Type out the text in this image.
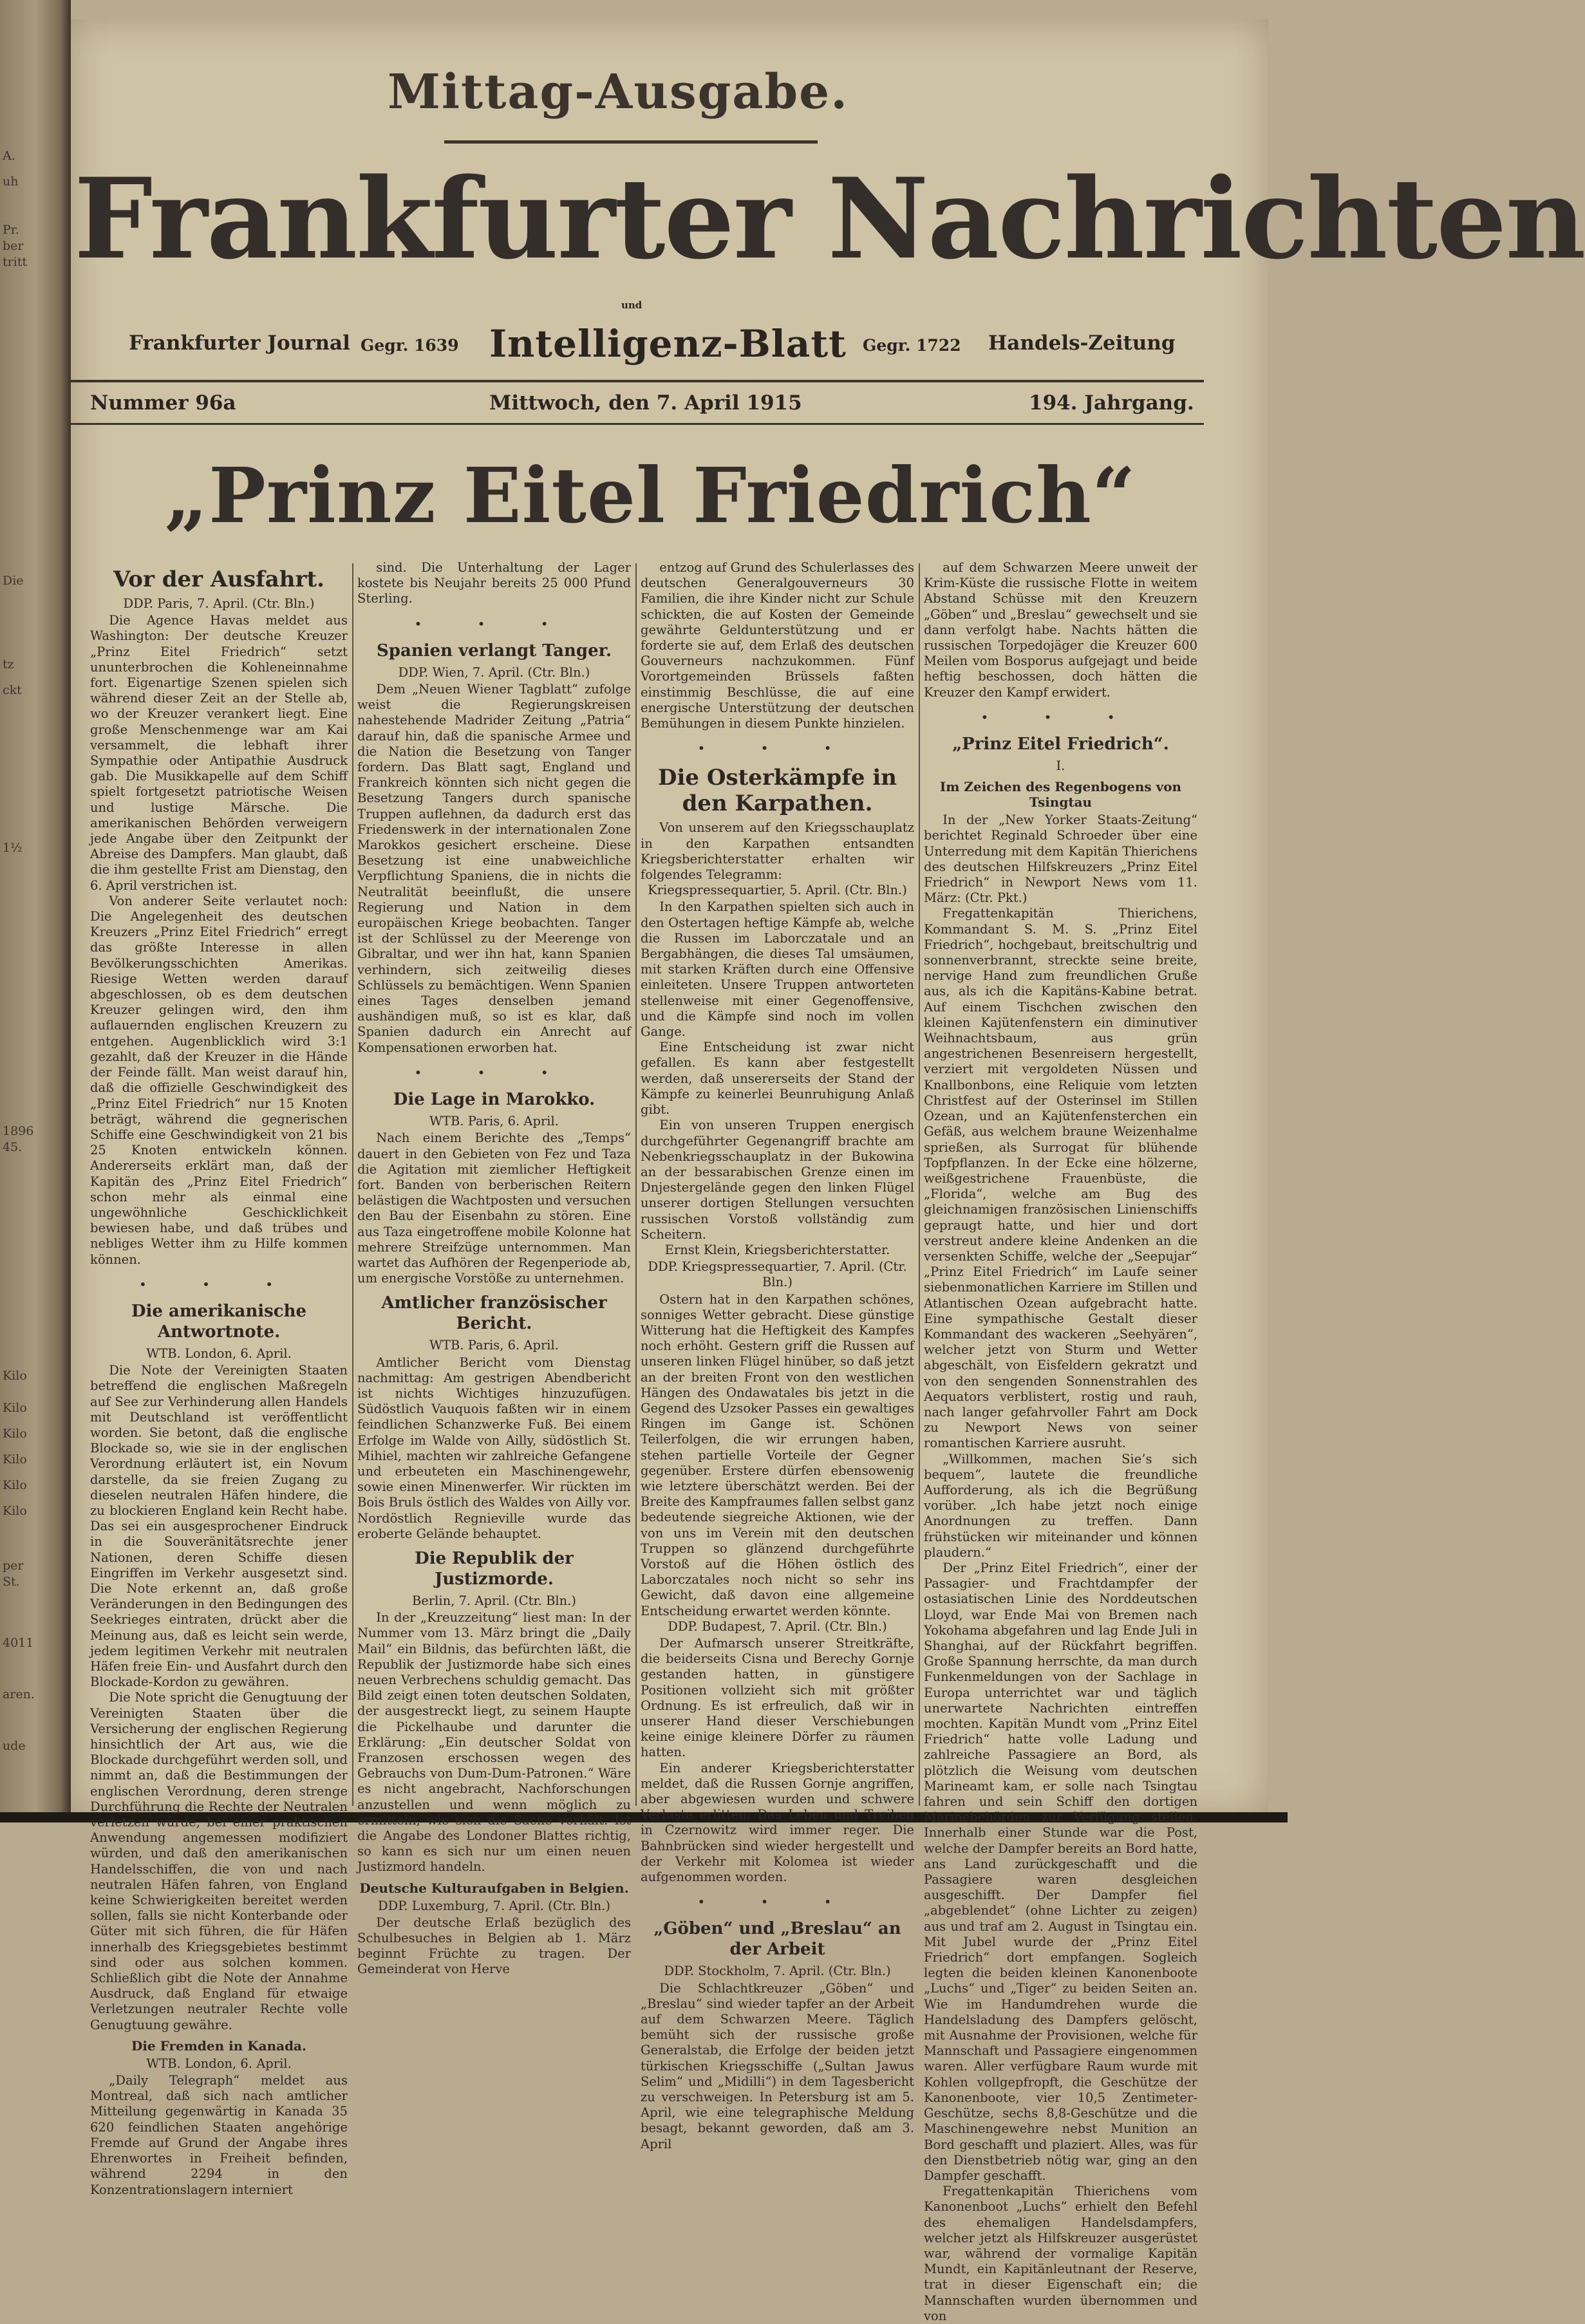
A.
uh
Pr.
ber
tritt
Die
tz
ckt
1½
1896
45.
Kilo
Kilo
Kilo
Kilo
Kilo
Kilo
per
St.
4011
aren.
ude
Mittag-Ausgabe.
Frankfurter Nachrichten
und
Frankfurter Journal Gegr. 1639 Intelligenz-Blatt Gegr. 1722 Handels-Zeitung
Nummer 96a	Mittwoch, den 7. April 1915	194. Jahrgang.
„Prinz Eitel Friedrich“
Vor der Ausfahrt.
DDP. Paris, 7. April. (Ctr. Bln.)

Die Agence Havas meldet aus Washington: Der deutsche Kreuzer „Prinz Eitel Friedrich“ setzt ununterbrochen die Kohleneinnahme fort. Eigenartige Szenen spielen sich während dieser Zeit an der Stelle ab, wo der Kreuzer verankert liegt. Eine große Menschenmenge war am Kai versammelt, die lebhaft ihrer Sympathie oder Antipathie Ausdruck gab. Die Musikkapelle auf dem Schiff spielt fortgesetzt patriotische Weisen und lustige Märsche. Die amerikanischen Behörden verweigern jede Angabe über den Zeitpunkt der Abreise des Dampfers. Man glaubt, daß die ihm gestellte Frist am Dienstag, den 6. April verstrichen ist.

Von anderer Seite verlautet noch: Die Angelegenheit des deutschen Kreuzers „Prinz Eitel Friedrich“ erregt das größte Interesse in allen Bevölkerungsschichten Amerikas. Riesige Wetten werden darauf abgeschlossen, ob es dem deutschen Kreuzer gelingen wird, den ihm auflauernden englischen Kreuzern zu entgehen. Augenblicklich wird 3:1 gezahlt, daß der Kreuzer in die Hände der Feinde fällt. Man weist darauf hin, daß die offizielle Geschwindigkeit des „Prinz Eitel Friedrich“ nur 15 Knoten beträgt, während die gegnerischen Schiffe eine Geschwindigkeit von 21 bis 25 Knoten entwickeln können. Andererseits erklärt man, daß der Kapitän des „Prinz Eitel Friedrich“ schon mehr als einmal eine ungewöhnliche Geschicklichkeit bewiesen habe, und daß trübes und nebliges Wetter ihm zu Hilfe kommen können.

• • •
Die amerikanische Antwortnote.
WTB. London, 6. April.

Die Note der Vereinigten Staaten betreffend die englischen Maßregeln auf See zur Verhinderung allen Handels mit Deutschland ist veröffentlicht worden. Sie betont, daß die englische Blockade so, wie sie in der englischen Verordnung erläutert ist, ein Novum darstelle, da sie freien Zugang zu dieselen neutralen Häfen hindere, die zu blockieren England kein Recht habe. Das sei ein ausgesprochener Eindruck in die Souveränitätsrechte jener Nationen, deren Schiffe diesen Eingriffen im Verkehr ausgesetzt sind. Die Note erkennt an, daß große Veränderungen in den Bedingungen des Seekrieges eintraten, drückt aber die Meinung aus, daß es leicht sein werde, jedem legitimen Verkehr mit neutralen Häfen freie Ein- und Ausfahrt durch den Blockade-Kordon zu gewähren.

Die Note spricht die Genugtuung der Vereinigten Staaten über die Versicherung der englischen Regierung hinsichtlich der Art aus, wie die Blockade durchgeführt werden soll, und nimmt an, daß die Bestimmungen der englischen Verordnung, deren strenge Durchführung die Rechte der Neutralen verletzen würde, bei einer praktischen Anwendung angemessen modifiziert würden, und daß den amerikanischen Handelsschiffen, die von und nach neutralen Häfen fahren, von England keine Schwierigkeiten bereitet werden sollen, falls sie nicht Konterbande oder Güter mit sich führen, die für Häfen innerhalb des Kriegsgebietes bestimmt sind oder aus solchen kommen. Schließlich gibt die Note der Annahme Ausdruck, daß England für etwaige Verletzungen neutraler Rechte volle Genugtuung gewähre.

Die Fremden in Kanada.
WTB. London, 6. April.

„Daily Telegraph“ meldet aus Montreal, daß sich nach amtlicher Mitteilung gegenwärtig in Kanada 35 620 feindlichen Staaten angehörige Fremde auf Grund der Angabe ihres Ehrenwortes in Freiheit befinden, während 2294 in den Konzentrationslagern interniert

sind. Die Unterhaltung der Lager kostete bis Neujahr bereits 25 000 Pfund Sterling.

• • •
Spanien verlangt Tanger.
DDP. Wien, 7. April. (Ctr. Bln.)

Dem „Neuen Wiener Tagblatt“ zufolge weist die Regierungskreisen nahestehende Madrider Zeitung „Patria“ darauf hin, daß die spanische Armee und die Nation die Besetzung von Tanger fordern. Das Blatt sagt, England und Frankreich könnten sich nicht gegen die Besetzung Tangers durch spanische Truppen auflehnen, da dadurch erst das Friedenswerk in der internationalen Zone Marokkos gesichert erscheine. Diese Besetzung ist eine unabweichliche Verpflichtung Spaniens, die in nichts die Neutralität beeinflußt, die unsere Regierung und Nation in dem europäischen Kriege beobachten. Tanger ist der Schlüssel zu der Meerenge von Gibraltar, und wer ihn hat, kann Spanien verhindern, sich zeitweilig dieses Schlüssels zu bemächtigen. Wenn Spanien eines Tages denselben jemand aushändigen muß, so ist es klar, daß Spanien dadurch ein Anrecht auf Kompensationen erworben hat.

• • •
Die Lage in Marokko.
WTB. Paris, 6. April.

Nach einem Berichte des „Temps“ dauert in den Gebieten von Fez und Taza die Agitation mit ziemlicher Heftigkeit fort. Banden von berberischen Reitern belästigen die Wachtposten und versuchen den Bau der Eisenbahn zu stören. Eine aus Taza eingetroffene mobile Kolonne hat mehrere Streifzüge unternommen. Man wartet das Aufhören der Regenperiode ab, um energische Vorstöße zu unternehmen.

Amtlicher französischer Bericht.
WTB. Paris, 6. April.

Amtlicher Bericht vom Dienstag nachmittag: Am gestrigen Abendbericht ist nichts Wichtiges hinzuzufügen. Südöstlich Vauquois faßten wir in einem feindlichen Schanzwerke Fuß. Bei einem Erfolge im Walde von Ailly, südöstlich St. Mihiel, machten wir zahlreiche Gefangene und erbeuteten ein Maschinengewehr, sowie einen Minenwerfer. Wir rückten im Bois Bruls östlich des Waldes von Ailly vor. Nordöstlich Regnieville wurde das eroberte Gelände behauptet.

Die Republik der Justizmorde.
Berlin, 7. April. (Ctr. Bln.)

In der „Kreuzzeitung“ liest man: In der Nummer vom 13. März bringt die „Daily Mail“ ein Bildnis, das befürchten läßt, die Republik der Justizmorde habe sich eines neuen Verbrechens schuldig gemacht. Das Bild zeigt einen toten deutschen Soldaten, der ausgestreckt liegt, zu seinem Haupte die Pickelhaube und darunter die Erklärung: „Ein deutscher Soldat von Franzosen erschossen wegen des Gebrauchs von Dum-Dum-Patronen.“ Wäre es nicht angebracht, Nachforschungen anzustellen und wenn möglich zu ermitteln, wie sich die Sache verhält. Ist die Angabe des Londoner Blattes richtig, so kann es sich nur um einen neuen Justizmord handeln.

Deutsche Kulturaufgaben in Belgien.
DDP. Luxemburg, 7. April. (Ctr. Bln.)

Der deutsche Erlaß bezüglich des Schulbesuches in Belgien ab 1. März beginnt Früchte zu tragen. Der Gemeinderat von Herve

entzog auf Grund des Schulerlasses des deutschen Generalgouverneurs 30 Familien, die ihre Kinder nicht zur Schule schickten, die auf Kosten der Gemeinde gewährte Geldunterstützung und er forderte sie auf, dem Erlaß des deutschen Gouverneurs nachzukommen. Fünf Vorortgemeinden Brüssels faßten einstimmig Beschlüsse, die auf eine energische Unterstützung der deutschen Bemühungen in diesem Punkte hinzielen.

• • •
Die Osterkämpfe in den Karpathen.

Von unserem auf den Kriegsschauplatz in den Karpathen entsandten Kriegsberichterstatter erhalten wir folgendes Telegramm:

Kriegspressequartier, 5. April. (Ctr. Bln.)

In den Karpathen spielten sich auch in den Ostertagen heftige Kämpfe ab, welche die Russen im Laborczatale und an Bergabhängen, die dieses Tal umsäumen, mit starken Kräften durch eine Offensive einleiteten. Unsere Truppen antworteten stellenweise mit einer Gegenoffensive, und die Kämpfe sind noch im vollen Gange.

Eine Entscheidung ist zwar nicht gefallen. Es kann aber festgestellt werden, daß unsererseits der Stand der Kämpfe zu keinerlei Beunruhigung Anlaß gibt.

Ein von unseren Truppen energisch durchgeführter Gegenangriff brachte am Nebenkriegsschauplatz in der Bukowina an der bessarabischen Grenze einen im Dnjestergelände gegen den linken Flügel unserer dortigen Stellungen versuchten russischen Vorstoß vollständig zum Scheitern.

Ernst Klein, Kriegsberichterstatter.
DDP. Kriegspressequartier, 7. April. (Ctr. Bln.)

Ostern hat in den Karpathen schönes, sonniges Wetter gebracht. Diese günstige Witterung hat die Heftigkeit des Kampfes noch erhöht. Gestern griff die Russen auf unseren linken Flügel hinüber, so daß jetzt an der breiten Front von den westlichen Hängen des Ondawatales bis jetzt in die Gegend des Uzsoker Passes ein gewaltiges Ringen im Gange ist. Schönen Teilerfolgen, die wir errungen haben, stehen partielle Vorteile der Gegner gegenüber. Erstere dürfen ebensowenig wie letztere überschätzt werden. Bei der Breite des Kampfraumes fallen selbst ganz bedeutende siegreiche Aktionen, wie der von uns im Verein mit den deutschen Truppen so glänzend durchgeführte Vorstoß auf die Höhen östlich des Laborczatales noch nicht so sehr ins Gewicht, daß davon eine allgemeine Entscheidung erwartet werden könnte.

DDP. Budapest, 7. April. (Ctr. Bln.)

Der Aufmarsch unserer Streitkräfte, die beiderseits Cisna und Berechy Gornje gestanden hatten, in günstigere Positionen vollzieht sich mit größter Ordnung. Es ist erfreulich, daß wir in unserer Hand dieser Verschiebungen keine einige kleinere Dörfer zu räumen hatten.

Ein anderer Kriegsberichterstatter meldet, daß die Russen Gornje angriffen, aber abgewiesen wurden und schwere Verluste erlitten. Das Leben und Treiben in Czernowitz wird immer reger. Die Bahnbrücken sind wieder hergestellt und der Verkehr mit Kolomea ist wieder aufgenommen worden.

• • •
„Göben“ und „Breslau“ an der Arbeit
DDP. Stockholm, 7. April. (Ctr. Bln.)

Die Schlachtkreuzer „Göben“ und „Breslau“ sind wieder tapfer an der Arbeit auf dem Schwarzen Meere. Täglich bemüht sich der russische große Generalstab, die Erfolge der beiden jetzt türkischen Kriegsschiffe („Sultan Jawus Selim“ und „Midilli“) in dem Tagesbericht zu verschweigen. In Petersburg ist am 5. April, wie eine telegraphische Meldung besagt, bekannt geworden, daß am 3. April

auf dem Schwarzen Meere unweit der Krim-Küste die russische Flotte in weitem Abstand Schüsse mit den Kreuzern „Göben“ und „Breslau“ gewechselt und sie dann verfolgt habe. Nachts hätten die russischen Torpedojäger die Kreuzer 600 Meilen vom Bosporus aufgejagt und beide heftig beschossen, doch hätten die Kreuzer den Kampf erwidert.

• • •
„Prinz Eitel Friedrich“.
I.
Im Zeichen des Regenbogens von Tsingtau

In der „New Yorker Staats-Zeitung“ berichtet Reginald Schroeder über eine Unterredung mit dem Kapitän Thierichens des deutschen Hilfskreuzers „Prinz Eitel Friedrich“ in Newport News vom 11. März: (Ctr. Pkt.)

Fregattenkapitän Thierichens, Kommandant S. M. S. „Prinz Eitel Friedrich“, hochgebaut, breitschultrig und sonnenverbrannt, streckte seine breite, nervige Hand zum freundlichen Gruße aus, als ich die Kapitäns-Kabine betrat. Auf einem Tischchen zwischen den kleinen Kajütenfenstern ein diminutiver Weihnachtsbaum, aus grün angestrichenen Besenreisern hergestellt, verziert mit vergoldeten Nüssen und Knallbonbons, eine Reliquie vom letzten Christfest auf der Osterinsel im Stillen Ozean, und an Kajütenfensterchen ein Gefäß, aus welchem braune Weizenhalme sprießen, als Surrogat für blühende Topfpflanzen. In der Ecke eine hölzerne, weißgestrichene Frauenbüste, die „Florida“, welche am Bug des gleichnamigen französischen Linienschiffs gepraugt hatte, und hier und dort verstreut andere kleine Andenken an die versenkten Schiffe, welche der „Seepujar“ „Prinz Eitel Friedrich“ im Laufe seiner siebenmonatlichen Karriere im Stillen und Atlantischen Ozean aufgebracht hatte. Eine sympathische Gestalt dieser Kommandant des wackeren „Seehyären“, welcher jetzt von Sturm und Wetter abgeschält, von Eisfeldern gekratzt und von den sengenden Sonnenstrahlen des Aequators verblistert, rostig und rauh, nach langer gefahrvoller Fahrt am Dock zu Newport News von seiner romantischen Karriere ausruht.

„Willkommen, machen Sie’s sich bequem“, lautete die freundliche Aufforderung, als ich die Begrüßung vorüber. „Ich habe jetzt noch einige Anordnungen zu treffen. Dann frühstücken wir miteinander und können plaudern.“

Der „Prinz Eitel Friedrich“, einer der Passagier- und Frachtdampfer der ostasiatischen Linie des Norddeutschen Lloyd, war Ende Mai von Bremen nach Yokohama abgefahren und lag Ende Juli in Shanghai, auf der Rückfahrt begriffen. Große Spannung herrschte, da man durch Funkenmeldungen von der Sachlage in Europa unterrichtet war und täglich unerwartete Nachrichten eintreffen mochten. Kapitän Mundt vom „Prinz Eitel Friedrich“ hatte volle Ladung und zahlreiche Passagiere an Bord, als plötzlich die Weisung vom deutschen Marineamt kam, er solle nach Tsingtau fahren und sein Schiff den dortigen Marinebehörden zur Verfügung stellen. Innerhalb einer Stunde war die Post, welche der Dampfer bereits an Bord hatte, ans Land zurückgeschafft und die Passagiere waren desgleichen ausgeschifft. Der Dampfer fiel „abgeblendet“ (ohne Lichter zu zeigen) aus und traf am 2. August in Tsingtau ein. Mit Jubel wurde der „Prinz Eitel Friedrich“ dort empfangen. Sogleich legten die beiden kleinen Kanonenboote „Luchs“ und „Tiger“ zu beiden Seiten an. Wie im Handumdrehen wurde die Handelsladung des Dampfers gelöscht, mit Ausnahme der Provisionen, welche für Mannschaft und Passagiere eingenommen waren. Aller verfügbare Raum wurde mit Kohlen vollgepfropft, die Geschütze der Kanonenboote, vier 10,5 Zentimeter-Geschütze, sechs 8,8-Geschütze und die Maschinengewehre nebst Munition an Bord geschafft und plaziert. Alles, was für den Dienstbetrieb nötig war, ging an den Dampfer geschafft.

Fregattenkapitän Thierichens vom Kanonenboot „Luchs“ erhielt den Befehl des ehemaligen Handelsdampfers, welcher jetzt als Hilfskreuzer ausgerüstet war, während der vormalige Kapitän Mundt, ein Kapitänleutnant der Reserve, trat in dieser Eigenschaft ein; die Mannschaften wurden übernommen und von
